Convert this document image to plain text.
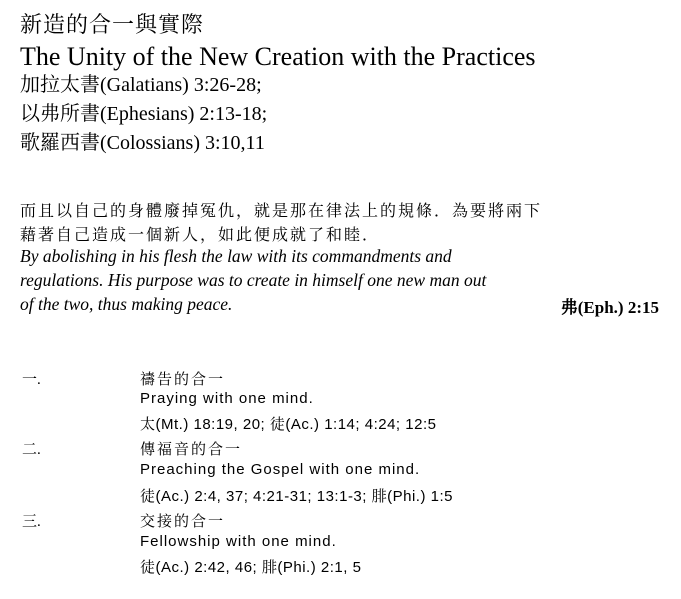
新造的合一與實際
The Unity of the New Creation with the Practices
加拉太書(Galatians) 3:26-28;
以弗所書(Ephesians) 2:13-18;
歌羅西書(Colossians) 3:10,11
而且以自己的身體廢掉冤仇，就是那在律法上的規條．為要將兩下
藉著自己造成一個新人，如此便成就了和睦．
By abolishing in his flesh the law with its commandments and
regulations. His purpose was to create in himself one new man out
of the two, thus making peace.	弗(Eph.) 2:15
一.	禱告的合一
Praying with one mind.
太(Mt.) 18:19, 20; 徒(Ac.) 1:14; 4:24; 12:5
二.	傳福音的合一
Preaching the Gospel with one mind.
徒(Ac.) 2:4, 37; 4:21-31; 13:1-3; 腓(Phi.) 1:5
三.	交接的合一
Fellowship with one mind.
徒(Ac.) 2:42, 46; 腓(Phi.) 2:1, 5
